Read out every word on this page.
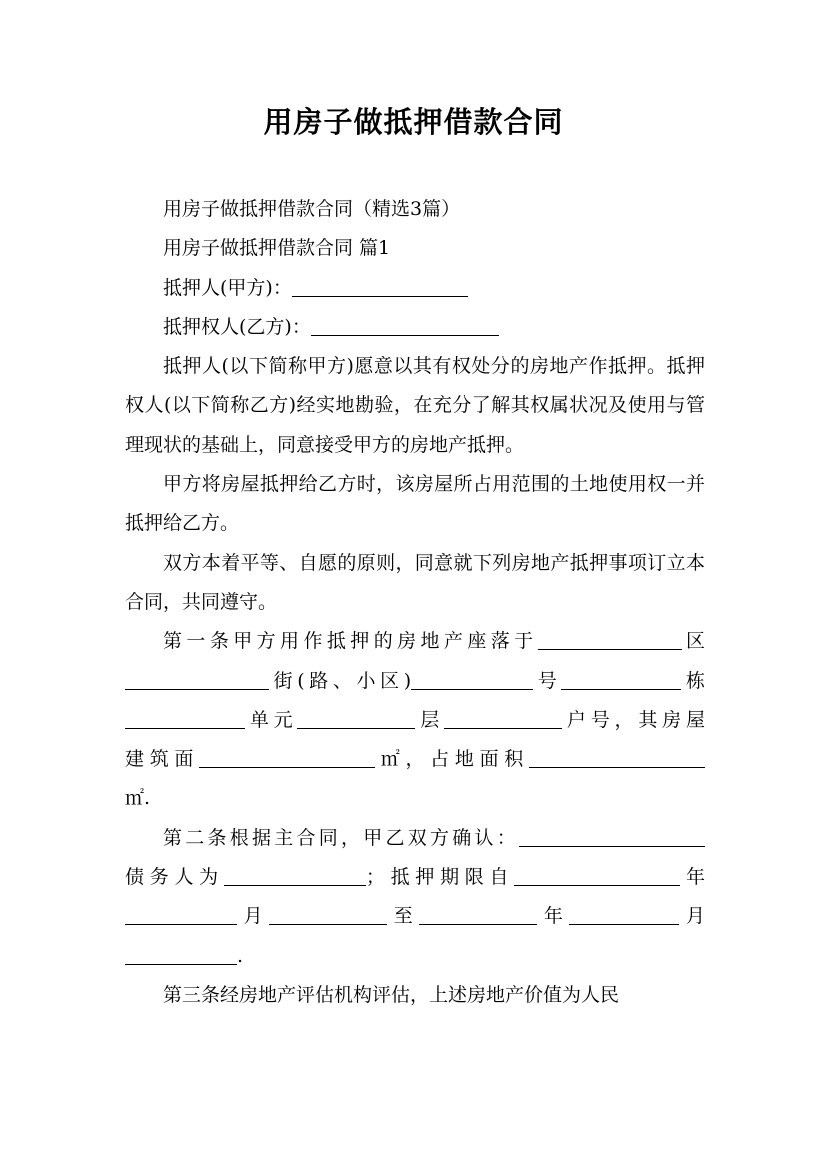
用房子做抵押借款合同

用房子做抵押借款合同（精选3篇）

用房子做抵押借款合同 篇1

抵押人(甲方)：

抵押权人(乙方)：

抵押人(以下简称甲方)愿意以其有权处分的房地产作抵押。抵押权人(以下简称乙方)经实地勘验，在充分了解其权属状况及使用与管理现状的基础上，同意接受甲方的房地产抵押。

甲方将房屋抵押给乙方时，该房屋所占用范围的土地使用权一并抵押给乙方。

双方本着平等、自愿的原则，同意就下列房地产抵押事项订立本合同，共同遵守。

第一条甲方用作抵押的房地产座落于	区
街(路、小区)	号	栋
单元	层	户号，其房屋
建筑面	㎡，占地面积
㎡.
第二条根据主合同，甲乙双方确认：
债务人为	；抵押期限自	年
月	至	年	月
.

第三条经房地产评估机构评估，上述房地产价值为人民
